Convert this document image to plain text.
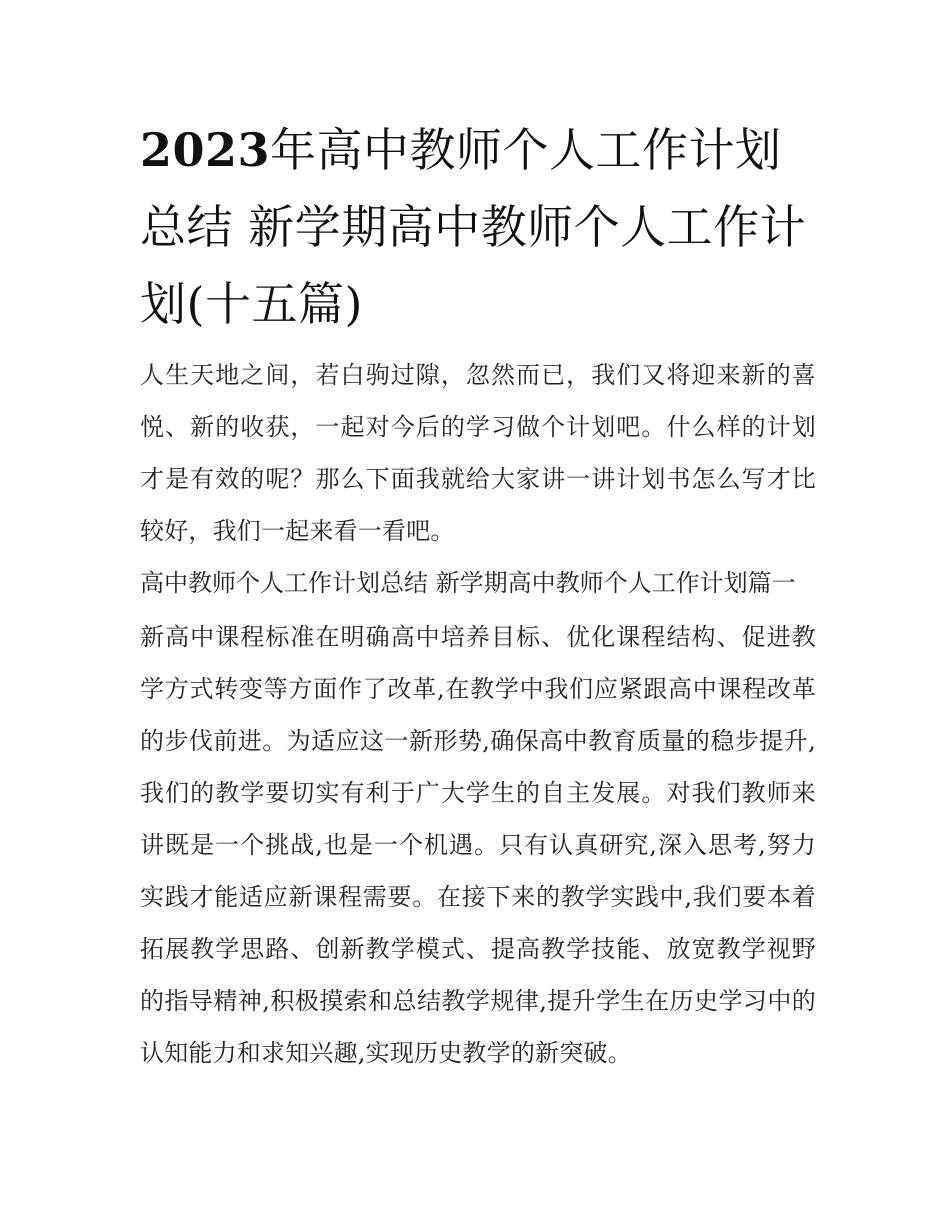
2023年高中教师个人工作计划总结 新学期高中教师个人工作计划(十五篇)

人生天地之间，若白驹过隙，忽然而已，我们又将迎来新的喜悦、新的收获，一起对今后的学习做个计划吧。什么样的计划才是有效的呢？那么下面我就给大家讲一讲计划书怎么写才比较好，我们一起来看一看吧。

高中教师个人工作计划总结 新学期高中教师个人工作计划篇一

新高中课程标准在明确高中培养目标、优化课程结构、促进教学方式转变等方面作了改革,在教学中我们应紧跟高中课程改革的步伐前进。为适应这一新形势,确保高中教育质量的稳步提升,我们的教学要切实有利于广大学生的自主发展。对我们教师来讲既是一个挑战,也是一个机遇。只有认真研究,深入思考,努力实践才能适应新课程需要。在接下来的教学实践中,我们要本着拓展教学思路、创新教学模式、提高教学技能、放宽教学视野的指导精神,积极摸索和总结教学规律,提升学生在历史学习中的认知能力和求知兴趣,实现历史教学的新突破。
